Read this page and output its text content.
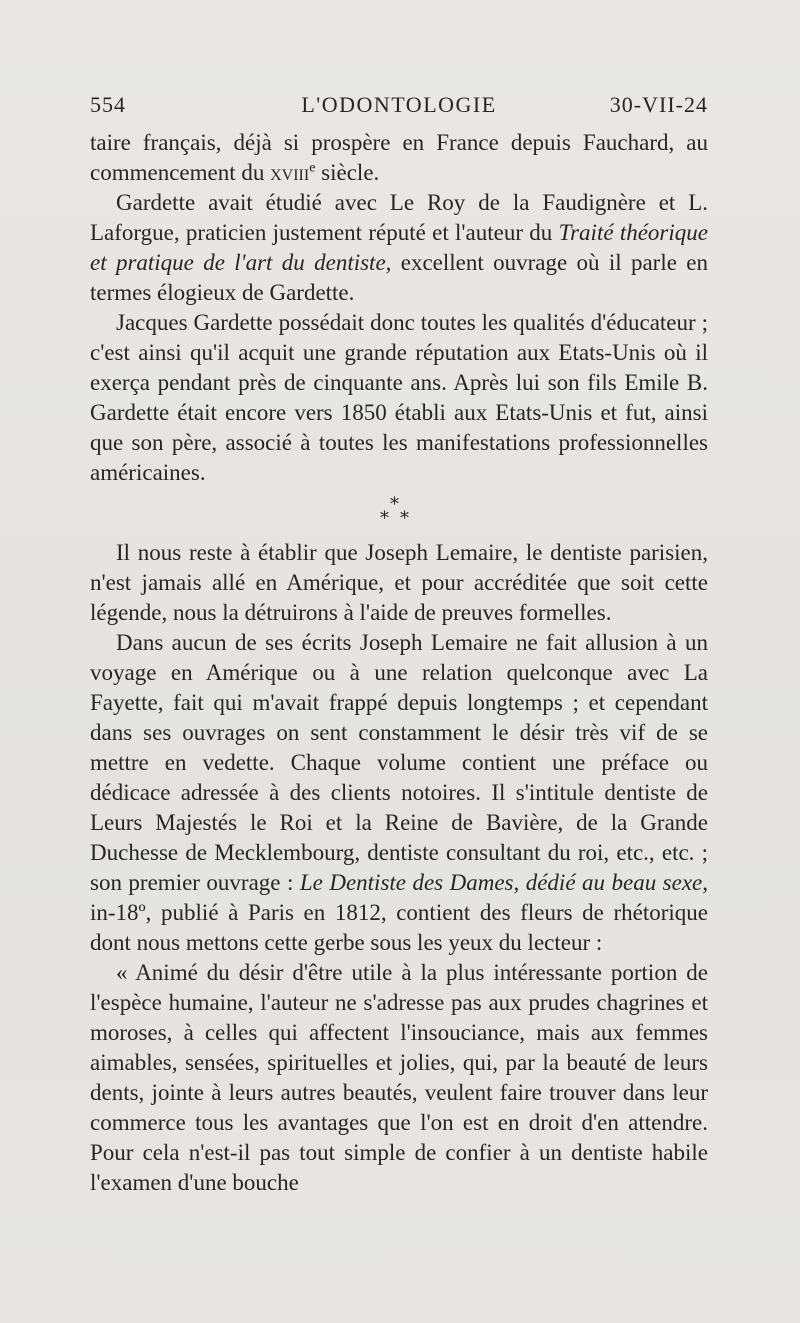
554	L'ODONTOLOGIE	30-VII-24

taire français, déjà si prospère en France depuis Fauchard, au commencement du xviii$^e$ siècle.

Gardette avait étudié avec Le Roy de la Faudignère et L. Laforgue, praticien justement réputé et l'auteur du Traité théorique et pratique de l'art du dentiste, excellent ouvrage où il parle en termes élogieux de Gardette.

Jacques Gardette possédait donc toutes les qualités d'éducateur ; c'est ainsi qu'il acquit une grande réputation aux Etats-Unis où il exerça pendant près de cinquante ans. Après lui son fils Emile B. Gardette était encore vers 1850 établi aux Etats-Unis et fut, ainsi que son père, associé à toutes les manifestations professionnelles américaines.

*
* *

Il nous reste à établir que Joseph Lemaire, le dentiste parisien, n'est jamais allé en Amérique, et pour accréditée que soit cette légende, nous la détruirons à l'aide de preuves formelles.

Dans aucun de ses écrits Joseph Lemaire ne fait allusion à un voyage en Amérique ou à une relation quelconque avec La Fayette, fait qui m'avait frappé depuis longtemps ; et cependant dans ses ouvrages on sent constamment le désir très vif de se mettre en vedette. Chaque volume contient une préface ou dédicace adressée à des clients notoires. Il s'intitule dentiste de Leurs Majestés le Roi et la Reine de Bavière, de la Grande Duchesse de Mecklembourg, dentiste consultant du roi, etc., etc. ; son premier ouvrage : Le Dentiste des Dames, dédié au beau sexe, in-18º, publié à Paris en 1812, contient des fleurs de rhétorique dont nous mettons cette gerbe sous les yeux du lecteur :

« Animé du désir d'être utile à la plus intéressante portion de l'espèce humaine, l'auteur ne s'adresse pas aux prudes chagrines et moroses, à celles qui affectent l'insouciance, mais aux femmes aimables, sensées, spirituelles et jolies, qui, par la beauté de leurs dents, jointe à leurs autres beautés, veulent faire trouver dans leur commerce tous les avantages que l'on est en droit d'en attendre. Pour cela n'est-il pas tout simple de confier à un dentiste habile l'examen d'une bouche
